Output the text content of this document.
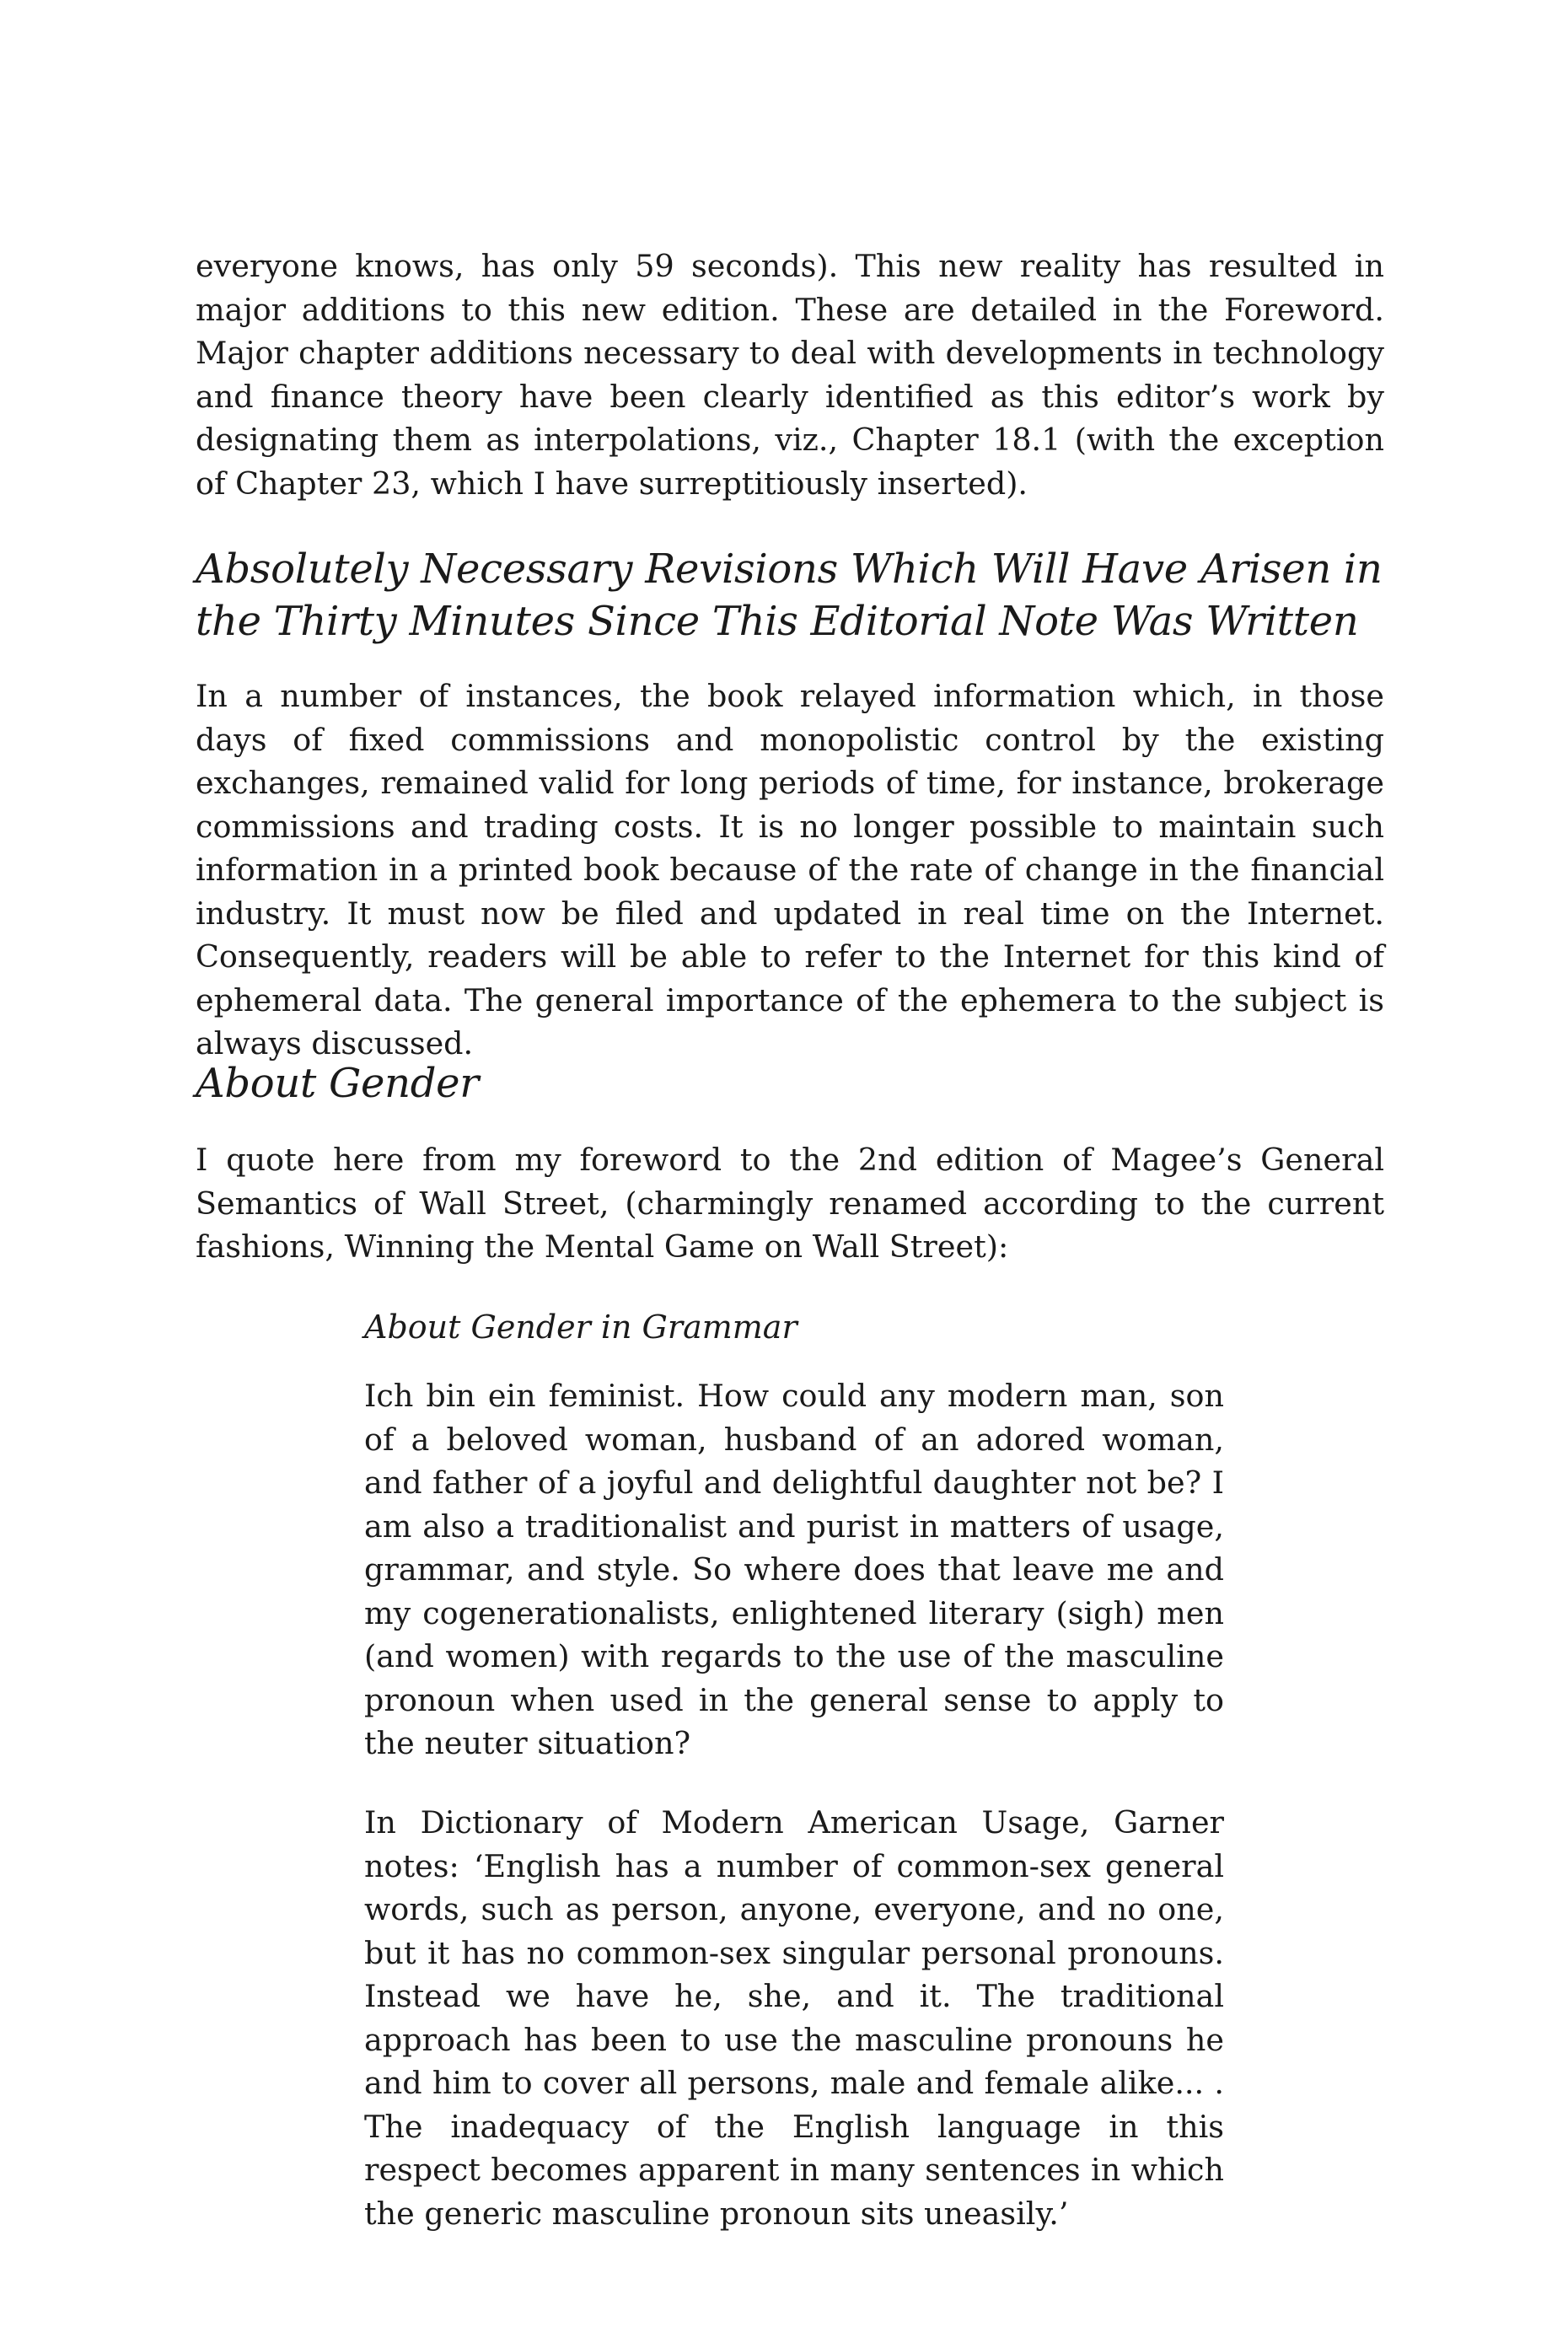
everyone knows, has only 59 seconds). This new reality has resulted in major additions to this new edition. These are detailed in the Foreword. Major chapter additions necessary to deal with developments in technology and finance theory have been clearly identified as this editor’s work by designating them as interpolations, viz., Chapter 18.1 (with the exception of Chapter 23, which I have surreptitiously inserted).

Absolutely Necessary Revisions Which Will Have Arisen in the Thirty Minutes Since This Editorial Note Was Written

In a number of instances, the book relayed information which, in those days of fixed commissions and monopolistic control by the existing exchanges, remained valid for long periods of time, for instance, brokerage commissions and trading costs. It is no longer possible to maintain such information in a printed book because of the rate of change in the financial industry. It must now be filed and updated in real time on the Internet. Consequently, readers will be able to refer to the Internet for this kind of ephemeral data. The general importance of the ephemera to the subject is always discussed.

About Gender

I quote here from my foreword to the 2nd edition of Magee’s General Semantics of Wall Street, (charmingly renamed according to the current fashions, Winning the Mental Game on Wall Street):

About Gender in Grammar

Ich bin ein feminist. How could any modern man, son of a beloved woman, husband of an adored woman, and father of a joyful and delightful daughter not be? I am also a traditionalist and purist in matters of usage, grammar, and style. So where does that leave me and my cogenerationalists, enlightened literary (sigh) men (and women) with regards to the use of the masculine pronoun when used in the general sense to apply to the neuter situation?

In Dictionary of Modern American Usage, Garner notes: ‘English has a number of common-sex general words, such as person, anyone, everyone, and no one, but it has no common-sex singular personal pronouns. Instead we have he, she, and it. The traditional approach has been to use the masculine pronouns he and him to cover all persons, male and female alike... . The inadequacy of the English language in this respect becomes apparent in many sentences in which the generic masculine pronoun sits uneasily.’
